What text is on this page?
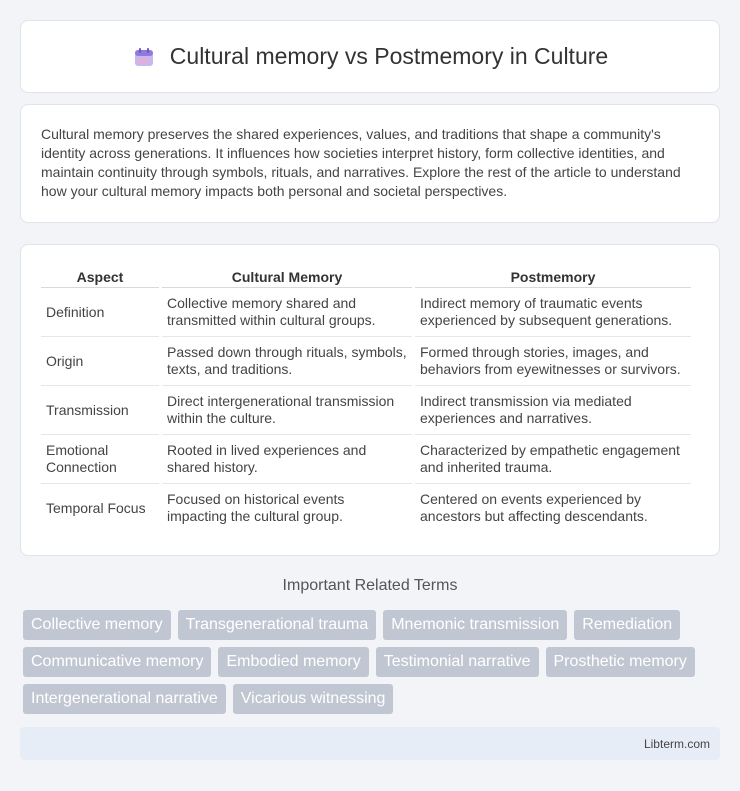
Cultural memory vs Postmemory in Culture

Cultural memory preserves the shared experiences, values, and traditions that shape a community's identity across generations. It influences how societies interpret history, form collective identities, and maintain continuity through symbols, rituals, and narratives. Explore the rest of the article to understand how your cultural memory impacts both personal and societal perspectives.

Aspect	Cultural Memory	Postmemory
Definition	Collective memory shared and transmitted within cultural groups.	Indirect memory of traumatic events experienced by subsequent generations.
Origin	Passed down through rituals, symbols, texts, and traditions.	Formed through stories, images, and behaviors from eyewitnesses or survivors.
Transmission	Direct intergenerational transmission within the culture.	Indirect transmission via mediated experiences and narratives.
Emotional Connection	Rooted in lived experiences and shared history.	Characterized by empathetic engagement and inherited trauma.
Temporal Focus	Focused on historical events impacting the cultural group.	Centered on events experienced by ancestors but affecting descendants.
Important Related Terms
Collective memory	Transgenerational trauma	Mnemonic transmission	Remediation
Communicative memory	Embodied memory	Testimonial narrative	Prosthetic memory
Intergenerational narrative	Vicarious witnessing
Libterm.com
